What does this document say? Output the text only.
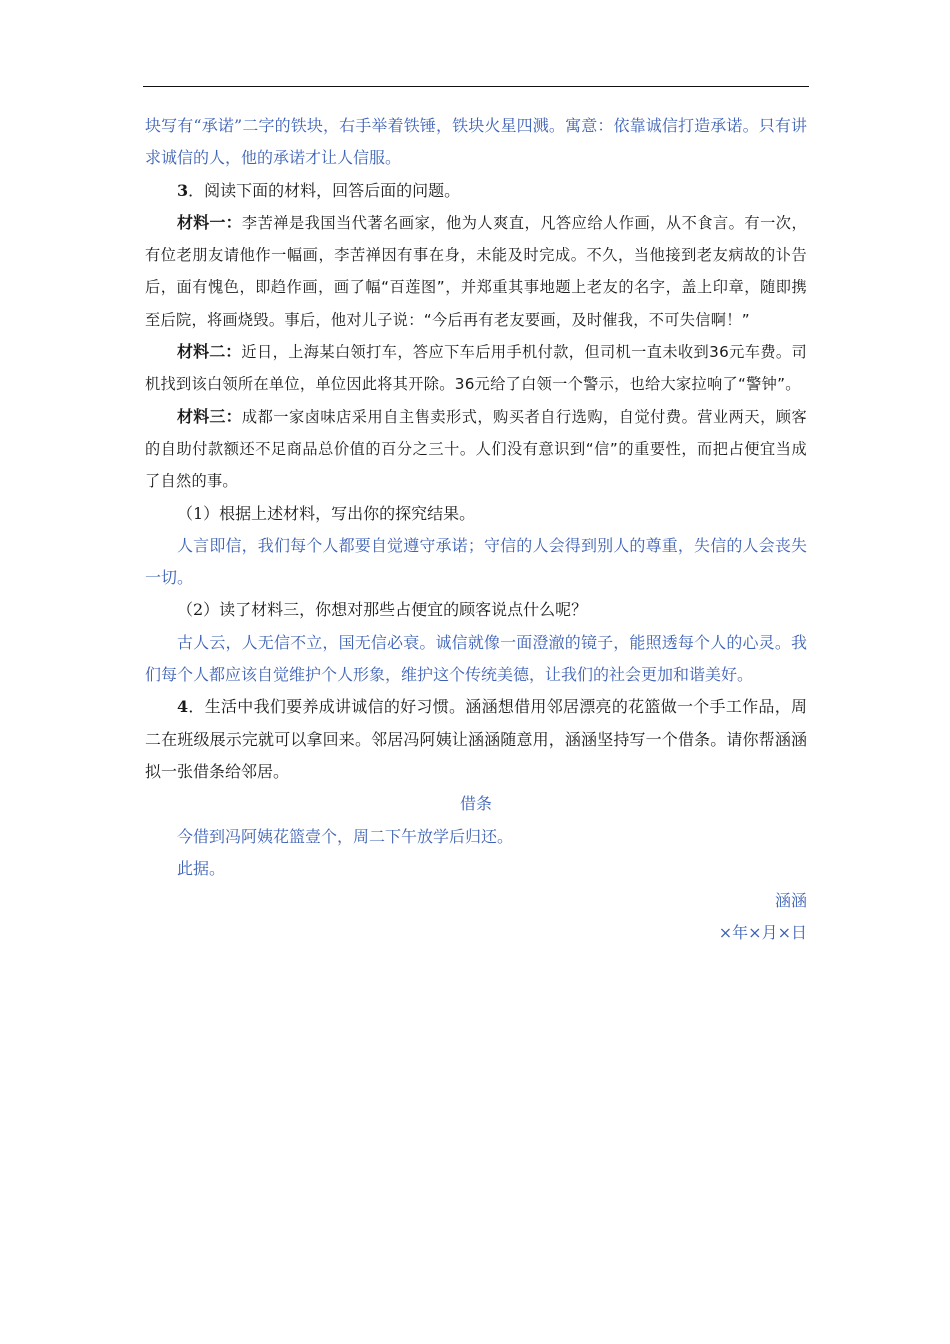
块写有“承诺”二字的铁块，右手举着铁锤，铁块火星四溅。寓意：依靠诚信打造承诺。只有讲求诚信的人，他的承诺才让人信服。

3．阅读下面的材料，回答后面的问题。

材料一：李苦禅是我国当代著名画家，他为人爽直，凡答应给人作画，从不食言。有一次，有位老朋友请他作一幅画，李苦禅因有事在身，未能及时完成。不久，当他接到老友病故的讣告后，面有愧色，即趋作画，画了幅“百莲图”，并郑重其事地题上老友的名字，盖上印章，随即携至后院，将画烧毁。事后，他对儿子说：“今后再有老友要画，及时催我，不可失信啊！”

材料二：近日，上海某白领打车，答应下车后用手机付款，但司机一直未收到36元车费。司机找到该白领所在单位，单位因此将其开除。36元给了白领一个警示，也给大家拉响了“警钟”。

材料三：成都一家卤味店采用自主售卖形式，购买者自行选购，自觉付费。营业两天，顾客的自助付款额还不足商品总价值的百分之三十。人们没有意识到“信”的重要性，而把占便宜当成了自然的事。

（1）根据上述材料，写出你的探究结果。

人言即信，我们每个人都要自觉遵守承诺；守信的人会得到别人的尊重，失信的人会丧失一切。

（2）读了材料三，你想对那些占便宜的顾客说点什么呢？

古人云，人无信不立，国无信必衰。诚信就像一面澄澈的镜子，能照透每个人的心灵。我们每个人都应该自觉维护个人形象，维护这个传统美德，让我们的社会更加和谐美好。

4．生活中我们要养成讲诚信的好习惯。涵涵想借用邻居漂亮的花篮做一个手工作品，周二在班级展示完就可以拿回来。邻居冯阿姨让涵涵随意用，涵涵坚持写一个借条。请你帮涵涵拟一张借条给邻居。

借条

今借到冯阿姨花篮壹个，周二下午放学后归还。

此据。

涵涵

×年×月×日
